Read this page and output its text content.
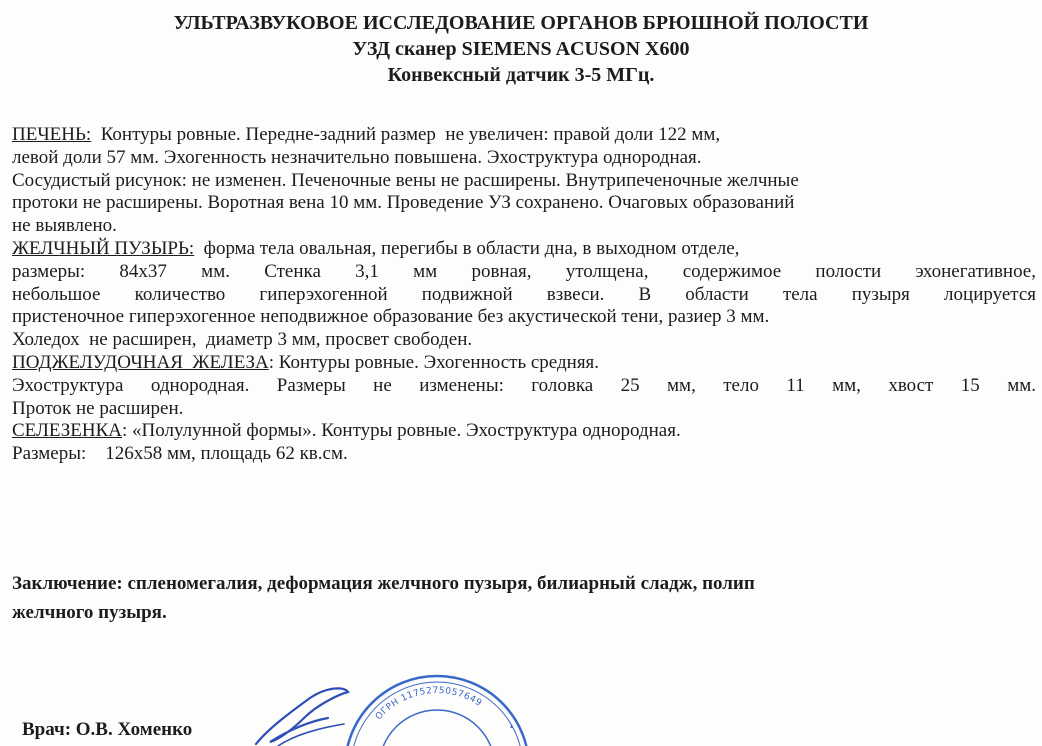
УЛЬТРАЗВУКОВОЕ ИССЛЕДОВАНИЕ ОРГАНОВ БРЮШНОЙ ПОЛОСТИ
УЗД сканер SIEMENS ACUSON X600
Конвексный датчик 3-5 МГц.
ПЕЧЕНЬ:  Контуры ровные. Передне-задний размер  не увеличен: правой доли 122 мм,
левой доли 57 мм. Эхогенность незначительно повышена. Эхоструктура однородная.
Сосудистый рисунок: не изменен. Печеночные вены не расширены. Внутрипеченочные желчные
протоки не расширены. Воротная вена 10 мм. Проведение УЗ сохранено. Очаговых образований
не выявлено.
ЖЕЛЧНЫЙ ПУЗЫРЬ:  форма тела овальная, перегибы в области дна, в выходном отделе,
размеры: 84х37 мм. Стенка 3,1 мм ровная, утолщена, содержимое полости эхонегативное,
небольшое количество гиперэхогенной подвижной взвеси. В области тела пузыря лоцируется
пристеночное гиперэхогенное неподвижное образование без акустической тени, разиер 3 мм.
Холедох  не расширен,  диаметр 3 мм, просвет свободен.
ПОДЖЕЛУДОЧНАЯ  ЖЕЛЕЗА: Контуры ровные. Эхогенность средняя.
Эхоструктура однородная. Размеры не изменены: головка 25 мм, тело 11 мм, хвост 15 мм.
Проток не расширен.
СЕЛЕЗЕНКА: «Полулунной формы». Контуры ровные. Эхоструктура однородная.
Размеры:    126х58 мм, площадь 62 кв.см.
Заключение: спленомегалия, деформация желчного пузыря, билиарный сладж, полип
желчного пузыря.
Врач: О.В. Хоменко
ОГРН 1175275057649
•
